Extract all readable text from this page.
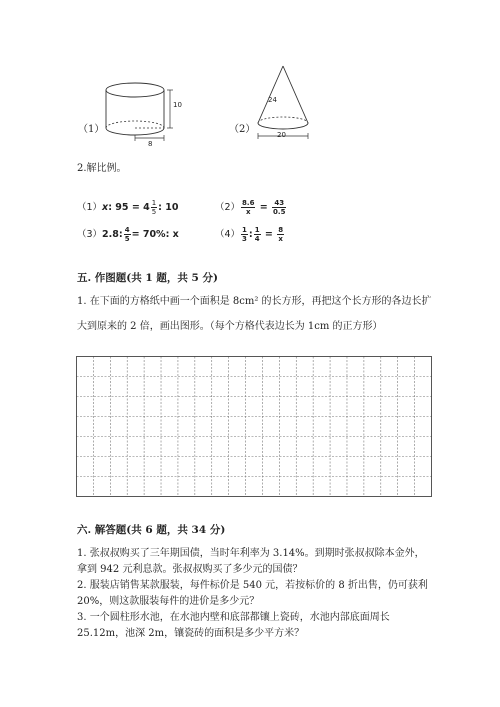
（1）
10
8
（2）
24
20
2.解比例。
（1）x: $95 = 4 \frac{1}{5}$ : 10	$(2) \frac{8.6}{x} = \frac{43}{0.5}$
（3）2.8: $\frac{4}{5} = 70\%$: x	$(4) \frac{1}{3}$ : $\frac{1}{4} = \frac{8}{x}$
五. 作图题(共 1 题，共 5 分)
1. 在下面的方格纸中画一个面积是 8cm² 的长方形，再把这个长方形的各边长扩
大到原来的 2 倍，画出图形。（每个方格代表边长为 1cm 的正方形）
六. 解答题(共 6 题，共 34 分)
1. 张叔叔购买了三年期国债，当时年利率为 3.14%。到期时张叔叔除本金外，
拿到 942 元利息款。张叔叔购买了多少元的国债？
2. 服装店销售某款服装，每件标价是 540 元，若按标价的 8 折出售，仍可获利
20%，则这款服装每件的进价是多少元？
3. 一个圆柱形水池，在水池内壁和底部都镶上瓷砖，水池内部底面周长
25.12m，池深 2m，镶瓷砖的面积是多少平方米？
